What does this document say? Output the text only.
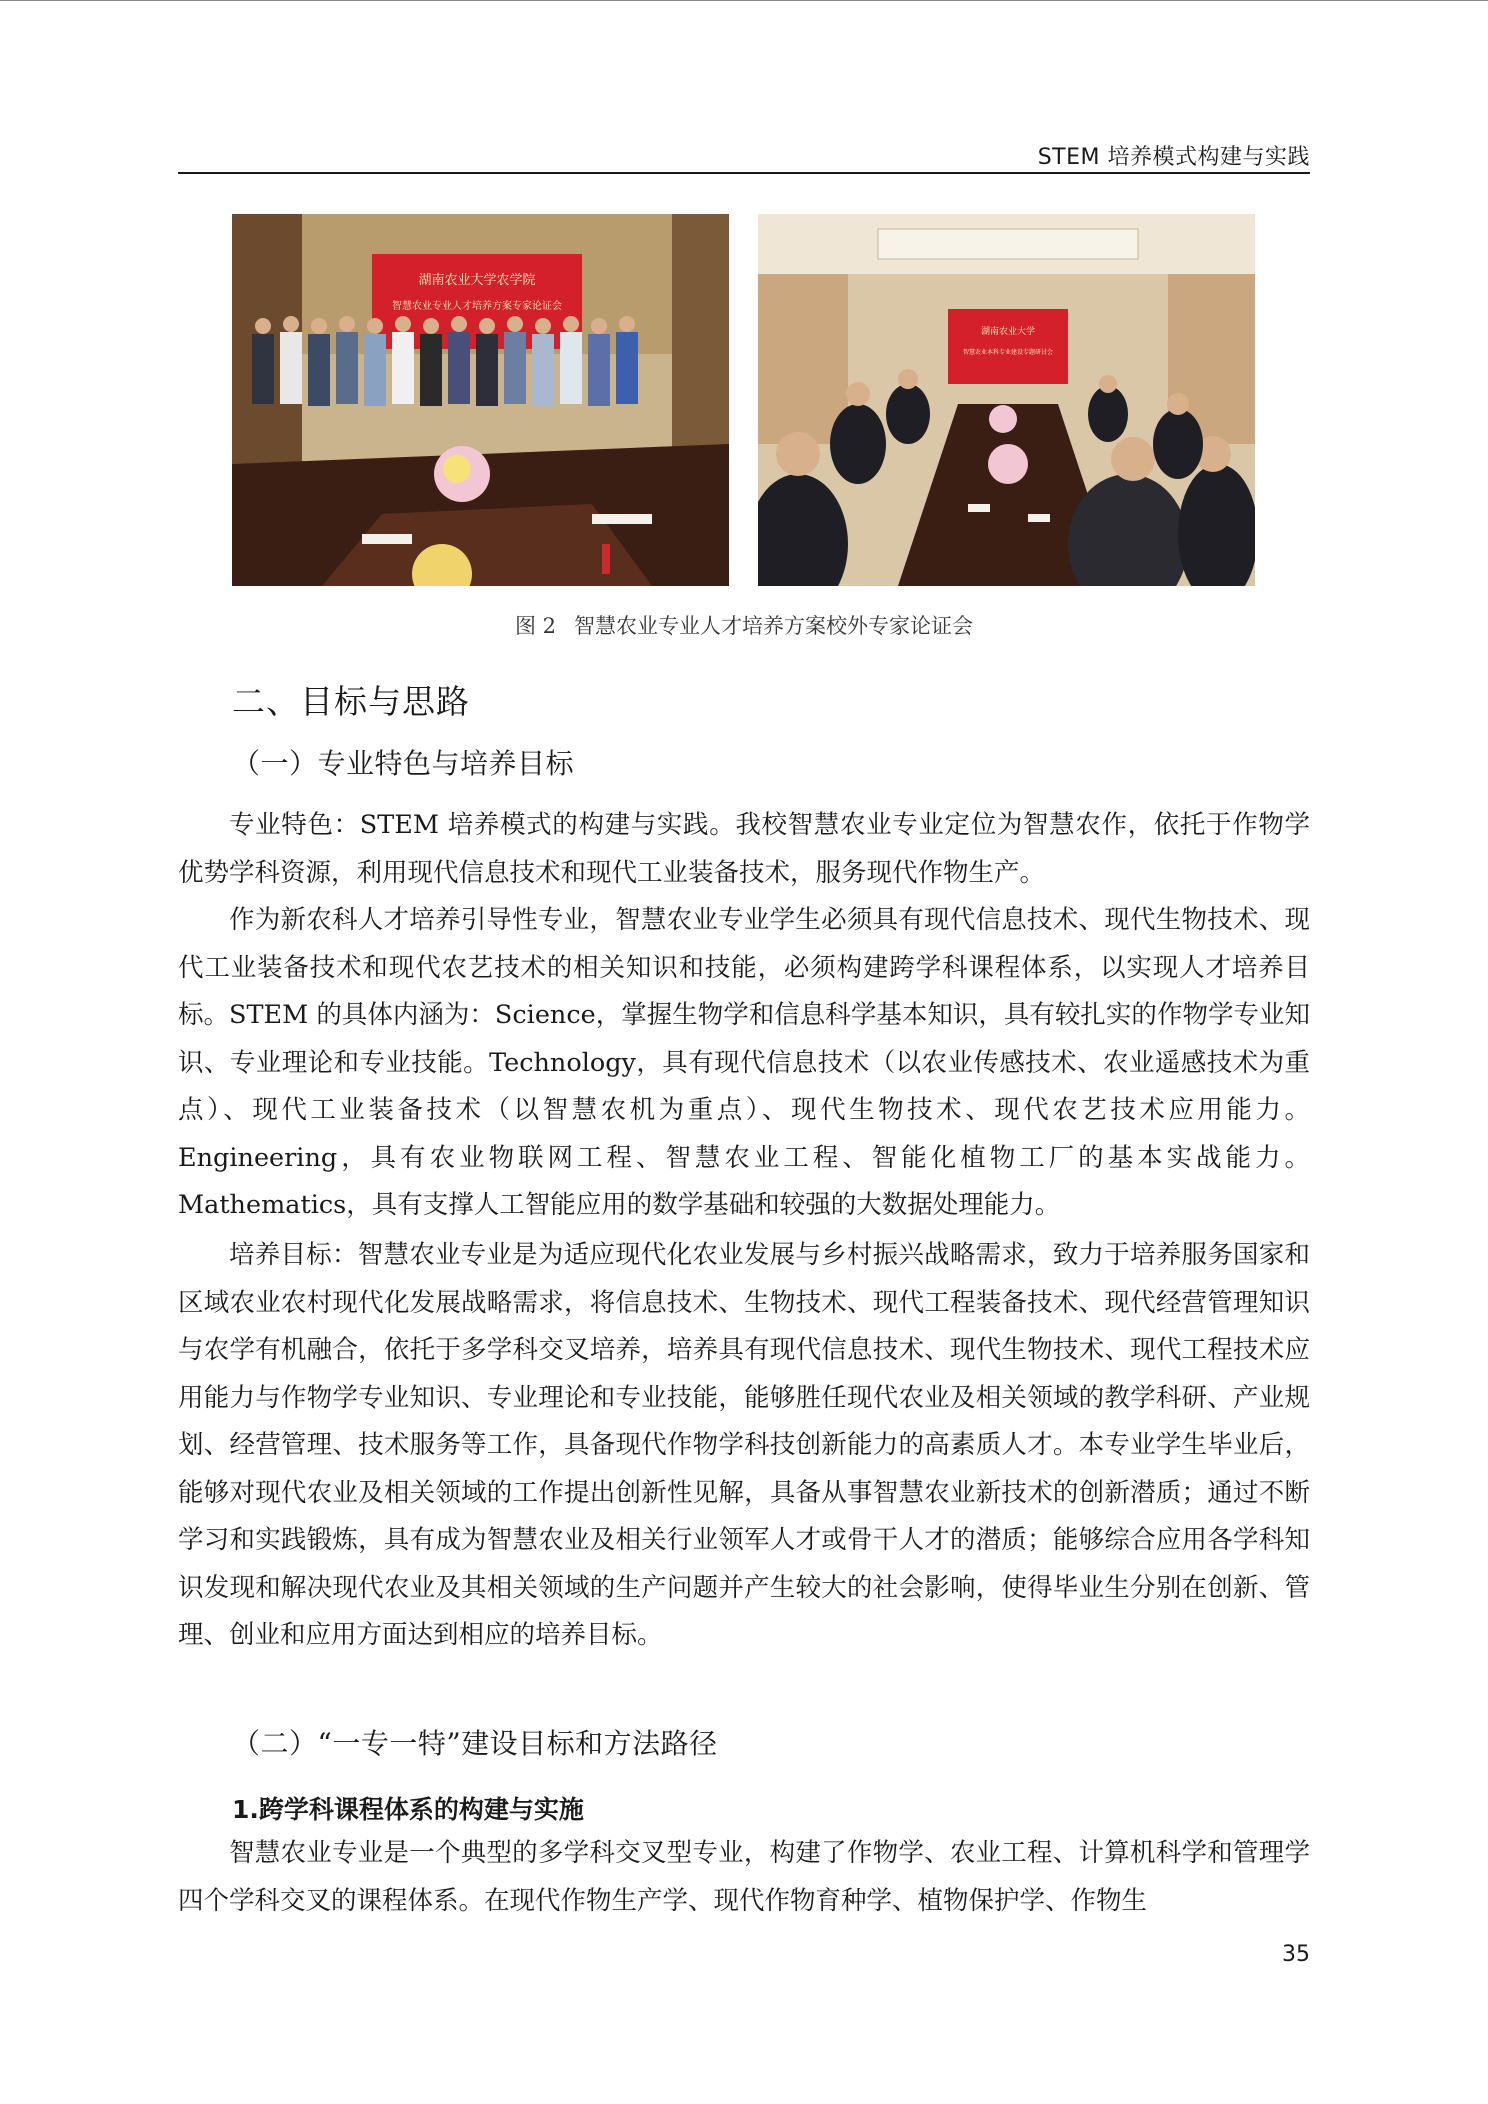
STEM 培养模式构建与实践
湖南农业大学农学院
智慧农业专业人才培养方案专家论证会
湖南农业大学
智慧农业本科专业建设专题研讨会
图 2 智慧农业专业人才培养方案校外专家论证会
二、目标与思路
（一）专业特色与培养目标

专业特色：STEM 培养模式的构建与实践。我校智慧农业专业定位为智慧农作，依托于作物学优势学科资源，利用现代信息技术和现代工业装备技术，服务现代作物生产。

作为新农科人才培养引导性专业，智慧农业专业学生必须具有现代信息技术、现代生物技术、现代工业装备技术和现代农艺技术的相关知识和技能，必须构建跨学科课程体系，以实现人才培养目标。STEM 的具体内涵为：Science，掌握生物学和信息科学基本知识，具有较扎实的作物学专业知识、专业理论和专业技能。Technology，具有现代信息技术（以农业传感技术、农业遥感技术为重点）、现代工业装备技术（以智慧农机为重点）、现代生物技术、现代农艺技术应用能力。Engineering，具有农业物联网工程、智慧农业工程、智能化植物工厂的基本实战能力。Mathematics，具有支撑人工智能应用的数学基础和较强的大数据处理能力。

培养目标：智慧农业专业是为适应现代化农业发展与乡村振兴战略需求，致力于培养服务国家和区域农业农村现代化发展战略需求，将信息技术、生物技术、现代工程装备技术、现代经营管理知识与农学有机融合，依托于多学科交叉培养，培养具有现代信息技术、现代生物技术、现代工程技术应用能力与作物学专业知识、专业理论和专业技能，能够胜任现代农业及相关领域的教学科研、产业规划、经营管理、技术服务等工作，具备现代作物学科技创新能力的高素质人才。本专业学生毕业后，能够对现代农业及相关领域的工作提出创新性见解，具备从事智慧农业新技术的创新潜质；通过不断学习和实践锻炼，具有成为智慧农业及相关行业领军人才或骨干人才的潜质；能够综合应用各学科知识发现和解决现代农业及其相关领域的生产问题并产生较大的社会影响，使得毕业生分别在创新、管理、创业和应用方面达到相应的培养目标。

（二）“一专一特”建设目标和方法路径
1.跨学科课程体系的构建与实施

智慧农业专业是一个典型的多学科交叉型专业，构建了作物学、农业工程、计算机科学和管理学四个学科交叉的课程体系。在现代作物生产学、现代作物育种学、植物保护学、作物生

35
